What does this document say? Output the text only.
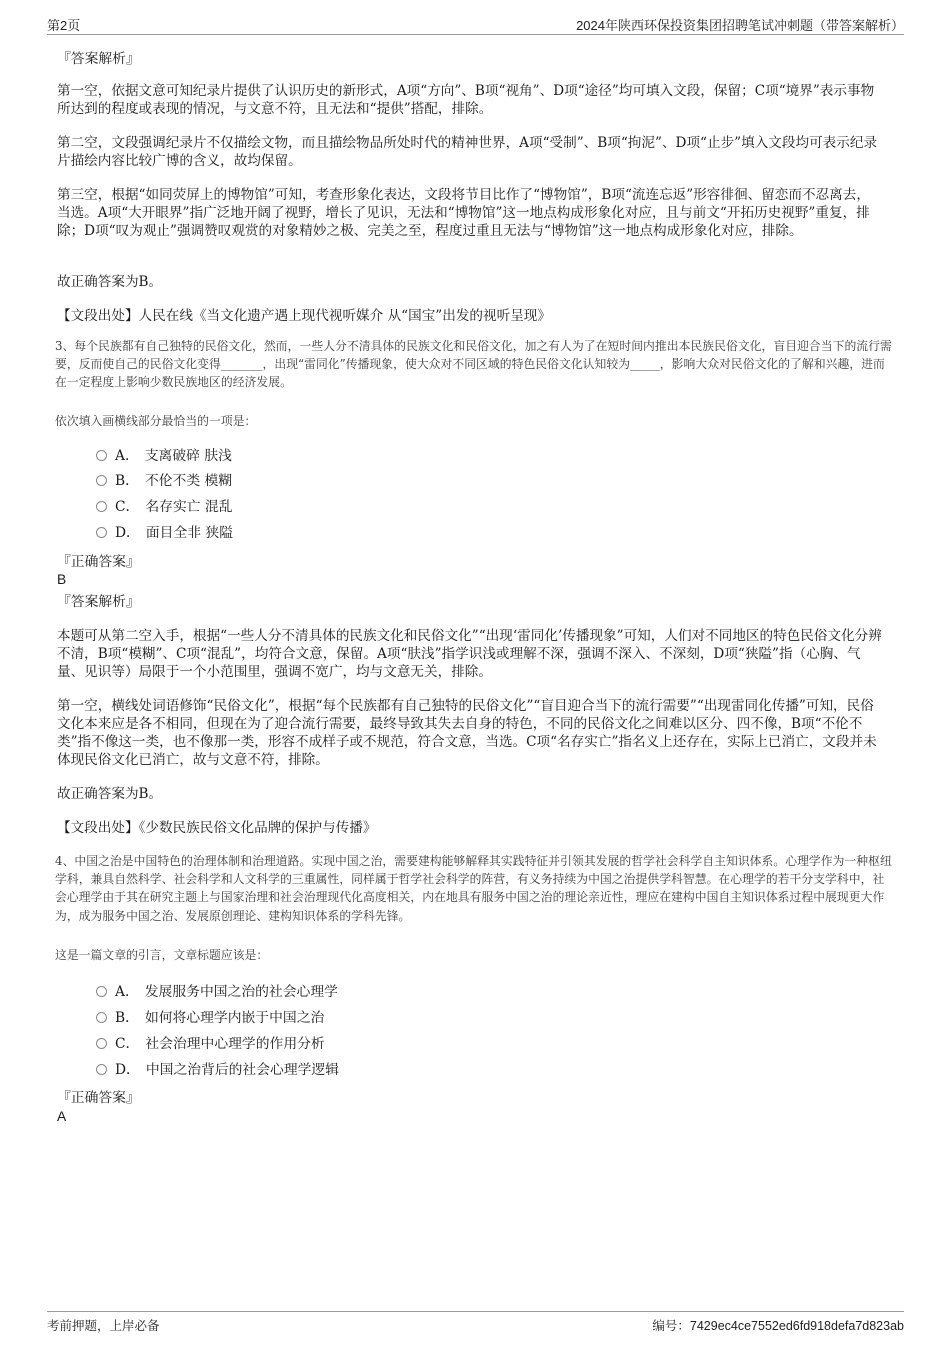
第2页	2024年陕西环保投资集团招聘笔试冲刺题（带答案解析）
『答案解析』
第一空，依据文意可知纪录片提供了认识历史的新形式，A项“方向”、B项“视角”、D项“途径”均可填入文段，保留；C项“境界”表示事物所达到的程度或表现的情况，与文意不符，且无法和“提供”搭配，排除。
第二空，文段强调纪录片不仅描绘文物，而且描绘物品所处时代的精神世界，A项“受制”、B项“拘泥”、D项“止步”填入文段均可表示纪录片描绘内容比较广博的含义，故均保留。
第三空，根据“如同荧屏上的博物馆”可知，考查形象化表达，文段将节目比作了“博物馆”，B项“流连忘返”形容徘徊、留恋而不忍离去，当选。A项“大开眼界”指广泛地开阔了视野，增长了见识，无法和“博物馆”这一地点构成形象化对应，且与前文“开拓历史视野”重复，排除；D项“叹为观止”强调赞叹观赏的对象精妙之极、完美之至，程度过重且无法与“博物馆”这一地点构成形象化对应，排除。
故正确答案为B。
【文段出处】人民在线《当文化遗产遇上现代视听媒介 从“国宝”出发的视听呈现》
3、每个民族都有自己独特的民俗文化，然而，一些人分不清具体的民族文化和民俗文化，加之有人为了在短时间内推出本民族民俗文化，盲目迎合当下的流行需要，反而使自己的民俗文化变得_______，出现“雷同化”传播现象，使大众对不同区域的特色民俗文化认知较为_____，影响大众对民俗文化的了解和兴趣，进而在一定程度上影响少数民族地区的经济发展。
依次填入画横线部分最恰当的一项是：
A． 支离破碎 肤浅
B． 不伦不类 模糊
C． 名存实亡 混乱
D． 面目全非 狭隘
『正确答案』
B
『答案解析』
本题可从第二空入手，根据“一些人分不清具体的民族文化和民俗文化”“出现‘雷同化’传播现象”可知，人们对不同地区的特色民俗文化分辨不清，B项“模糊”、C项“混乱”，均符合文意，保留。A项“肤浅”指学识浅或理解不深，强调不深入、不深刻，D项“狭隘”指（心胸、气量、见识等）局限于一个小范围里，强调不宽广，均与文意无关，排除。
第一空，横线处词语修饰“民俗文化”，根据“每个民族都有自己独特的民俗文化”“盲目迎合当下的流行需要”“出现雷同化传播”可知，民俗文化本来应是各不相同，但现在为了迎合流行需要，最终导致其失去自身的特色，不同的民俗文化之间难以区分、四不像，B项“不伦不类”指不像这一类，也不像那一类，形容不成样子或不规范，符合文意，当选。C项“名存实亡”指名义上还存在，实际上已消亡，文段并未体现民俗文化已消亡，故与文意不符，排除。
故正确答案为B。
【文段出处】《少数民族民俗文化品牌的保护与传播》
4、中国之治是中国特色的治理体制和治理道路。实现中国之治，需要建构能够解释其实践特征并引领其发展的哲学社会科学自主知识体系。心理学作为一种枢纽学科，兼具自然科学、社会科学和人文科学的三重属性，同样属于哲学社会科学的阵营，有义务持续为中国之治提供学科智慧。在心理学的若干分支学科中，社会心理学由于其在研究主题上与国家治理和社会治理现代化高度相关，内在地具有服务中国之治的理论亲近性，理应在建构中国自主知识体系过程中展现更大作为，成为服务中国之治、发展原创理论、建构知识体系的学科先锋。
这是一篇文章的引言，文章标题应该是：
A． 发展服务中国之治的社会心理学
B． 如何将心理学内嵌于中国之治
C． 社会治理中心理学的作用分析
D． 中国之治背后的社会心理学逻辑
『正确答案』
A
考前押题，上岸必备	编号：7429ec4ce7552ed6fd918defa7d823ab
